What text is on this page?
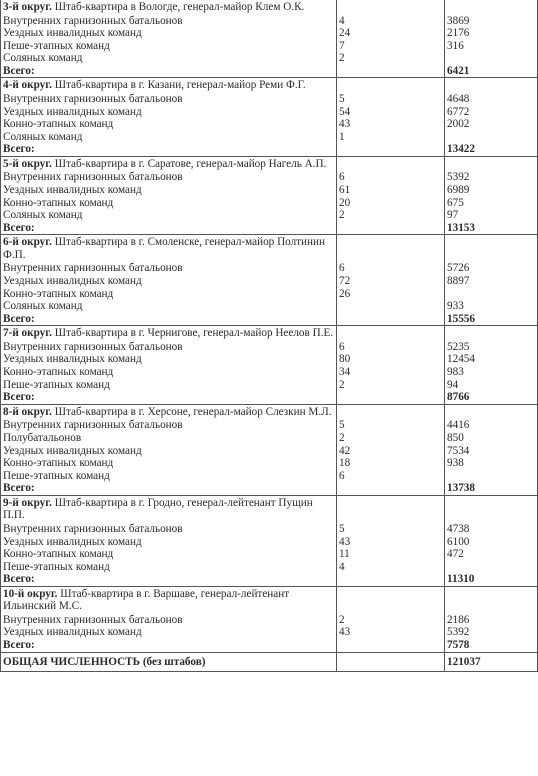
3-й округ. Штаб-квартира в Вологде, генерал-майор Клем О.К.		
Внутренних гарнизонных батальонов	4	3869
Уездных инвалидных команд	24	2176
Пеше-этапных команд	7	316
Соляных команд	2	
Всего:		6421
4-й округ. Штаб-квартира в г. Казани, генерал-майор Реми Ф.Г.		
Внутренних гарнизонных батальонов	5	4648
Уездных инвалидных команд	54	6772
Конно-этапных команд	43	2002
Соляных команд	1	
Всего:		13422
5-й округ. Штаб-квартира в г. Саратове, генерал-майор Нагель А.П.		
Внутренних гарнизонных батальонов	6	5392
Уездных инвалидных команд	61	6989
Конно-этапных команд	20	675
Соляных команд	2	97
Всего:		13153
6-й округ. Штаб-квартира в г. Смоленске, генерал-майор Полтинин Ф.П.		
Внутренних гарнизонных батальонов	6	5726
Уездных инвалидных команд	72	8897
Конно-этапных команд	26	
Соляных команд		933
Всего:		15556
7-й округ. Штаб-квартира в г. Чернигове, генерал-майор Неелов П.Е.		
Внутренних гарнизонных батальонов	6	5235
Уездных инвалидных команд	80	12454
Конно-этапных команд	34	983
Пеше-этапных команд	2	94
Всего:		8766
8-й округ. Штаб-квартира в г. Херсоне, генерал-майор Слезкин М.Л.		
Внутренних гарнизонных батальонов	5	4416
Полубатальонов	2	850
Уездных инвалидных команд	42	7534
Конно-этапных команд	18	938
Пеше-этапных команд	6	
Всего:		13738
9-й округ. Штаб-квартира в г. Гродно, генерал-лейтенант Пущин П.П.		
Внутренних гарнизонных батальонов	5	4738
Уездных инвалидных команд	43	6100
Конно-этапных команд	11	472
Пеше-этапных команд	4	
Всего:		11310
10-й округ. Штаб-квартира в г. Варшаве, генерал-лейтенант Ильинский М.С.		
Внутренних гарнизонных батальонов	2	2186
Уездных инвалидных команд	43	5392
Всего:		7578
ОБЩАЯ ЧИСЛЕННОСТЬ (без штабов)		121037
